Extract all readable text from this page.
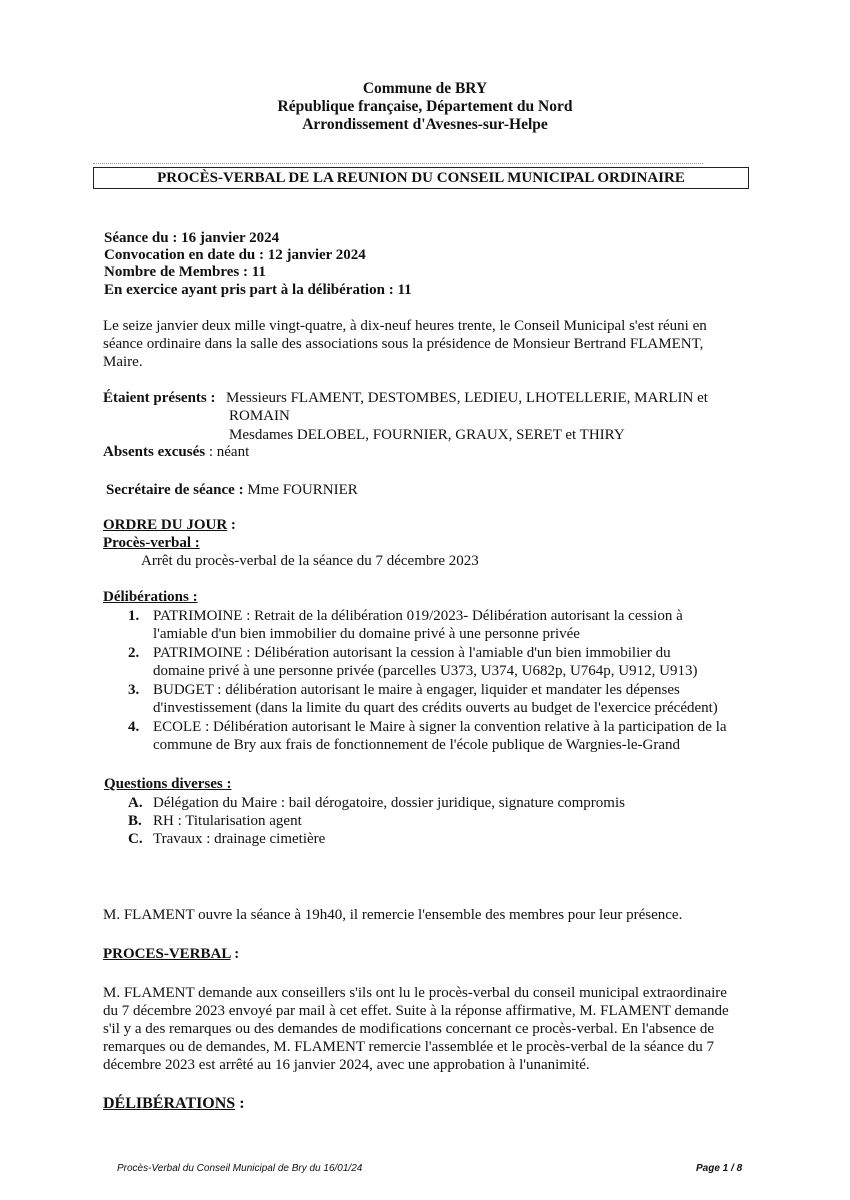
Commune de BRY
République française, Département du Nord
Arrondissement d'Avesnes-sur-Helpe
PROCÈS-VERBAL DE LA REUNION DU CONSEIL MUNICIPAL ORDINAIRE
Séance du : 16 janvier 2024
Convocation en date du : 12 janvier 2024
Nombre de Membres : 11
En exercice ayant pris part à la délibération : 11
Le seize janvier deux mille vingt-quatre, à dix-neuf heures trente, le Conseil Municipal s'est réuni en
séance ordinaire dans la salle des associations sous la présidence de Monsieur Bertrand FLAMENT,
Maire.
Étaient présents : Messieurs FLAMENT, DESTOMBES, LEDIEU, LHOTELLERIE, MARLIN et
ROMAIN
Mesdames DELOBEL, FOURNIER, GRAUX, SERET et THIRY
Absents excusés : néant
Secrétaire de séance : Mme FOURNIER
ORDRE DU JOUR :
Procès-verbal :
Arrêt du procès-verbal de la séance du 7 décembre 2023
Délibérations :
1. PATRIMOINE : Retrait de la délibération 019/2023- Délibération autorisant la cession à
l'amiable d'un bien immobilier du domaine privé à une personne privée
2. PATRIMOINE : Délibération autorisant la cession à l'amiable d'un bien immobilier du
domaine privé à une personne privée (parcelles U373, U374, U682p, U764p, U912, U913)
3. BUDGET : délibération autorisant le maire à engager, liquider et mandater les dépenses
d'investissement (dans la limite du quart des crédits ouverts au budget de l'exercice précédent)
4. ECOLE : Délibération autorisant le Maire à signer la convention relative à la participation de la
commune de Bry aux frais de fonctionnement de l'école publique de Wargnies-le-Grand
Questions diverses :
A. Délégation du Maire : bail dérogatoire, dossier juridique, signature compromis
B. RH : Titularisation agent
C. Travaux : drainage cimetière
M. FLAMENT ouvre la séance à 19h40, il remercie l'ensemble des membres pour leur présence.
PROCES-VERBAL :
M. FLAMENT demande aux conseillers s'ils ont lu le procès-verbal du conseil municipal extraordinaire
du 7 décembre 2023 envoyé par mail à cet effet. Suite à la réponse affirmative, M. FLAMENT demande
s'il y a des remarques ou des demandes de modifications concernant ce procès-verbal. En l'absence de
remarques ou de demandes, M. FLAMENT remercie l'assemblée et le procès-verbal de la séance du 7
décembre 2023 est arrêté au 16 janvier 2024, avec une approbation à l'unanimité.
DÉLIBÉRATIONS :
Procès-Verbal du Conseil Municipal de Bry du 16/01/24	Page 1 / 8
